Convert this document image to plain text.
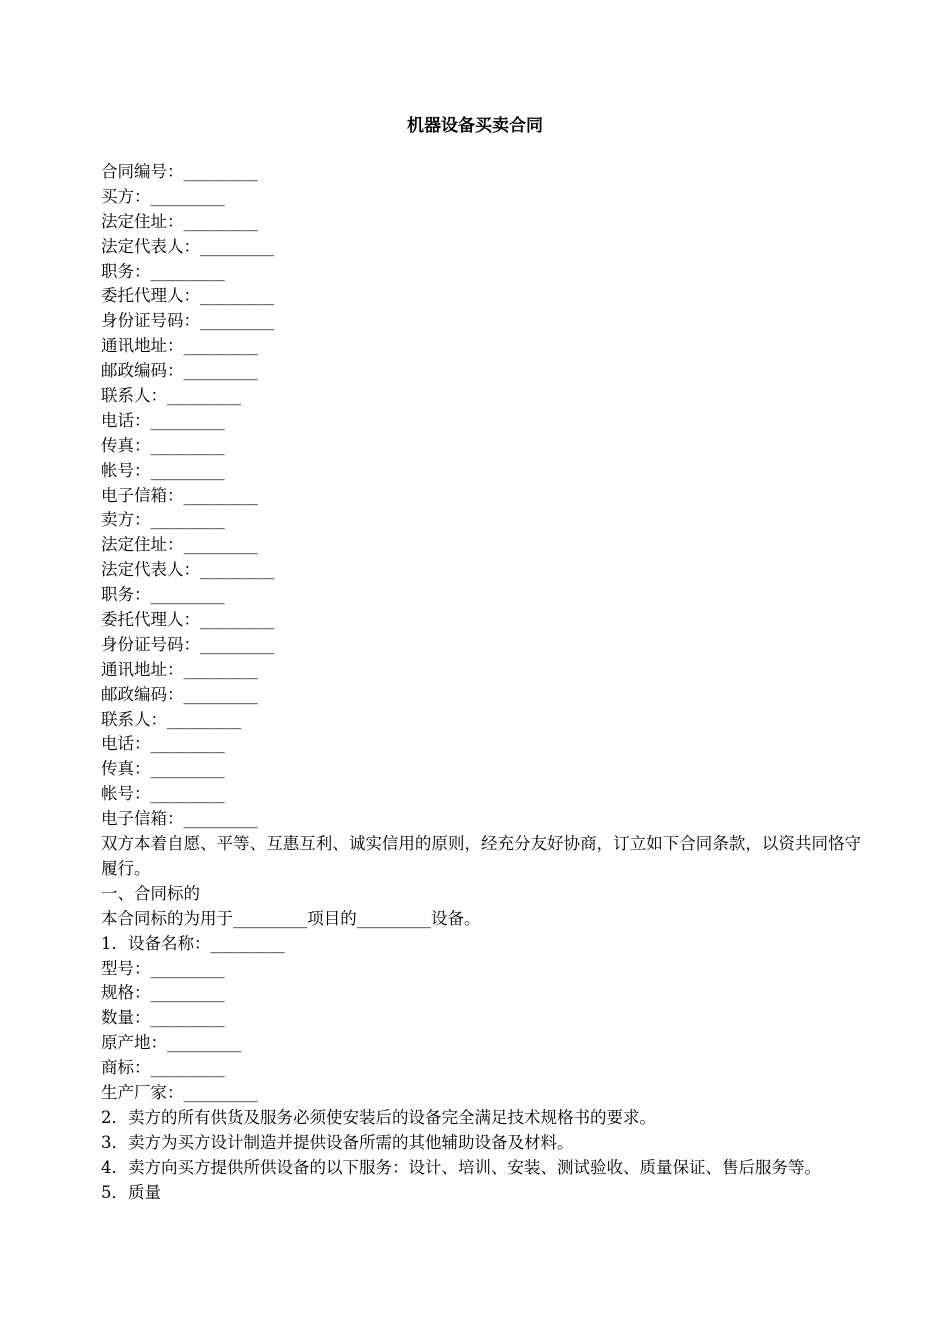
机器设备买卖合同
合同编号：_________
买方：_________
法定住址：_________
法定代表人：_________
职务：_________
委托代理人：_________
身份证号码：_________
通讯地址：_________
邮政编码：_________
联系人：_________
电话：_________
传真：_________
帐号：_________
电子信箱：_________
卖方：_________
法定住址：_________
法定代表人：_________
职务：_________
委托代理人：_________
身份证号码：_________
通讯地址：_________
邮政编码：_________
联系人：_________
电话：_________
传真：_________
帐号：_________
电子信箱：_________
双方本着自愿、平等、互惠互利、诚实信用的原则，经充分友好协商，订立如下合同条款，以资共同恪守履行。
一、合同标的
本合同标的为用于_________项目的_________设备。
1．设备名称：_________
型号：_________
规格：_________
数量：_________
原产地：_________
商标：_________
生产厂家：_________
2．卖方的所有供货及服务必须使安装后的设备完全满足技术规格书的要求。
3．卖方为买方设计制造并提供设备所需的其他辅助设备及材料。
4．卖方向买方提供所供设备的以下服务：设计、培训、安装、测试验收、质量保证、售后服务等。
5．质量
